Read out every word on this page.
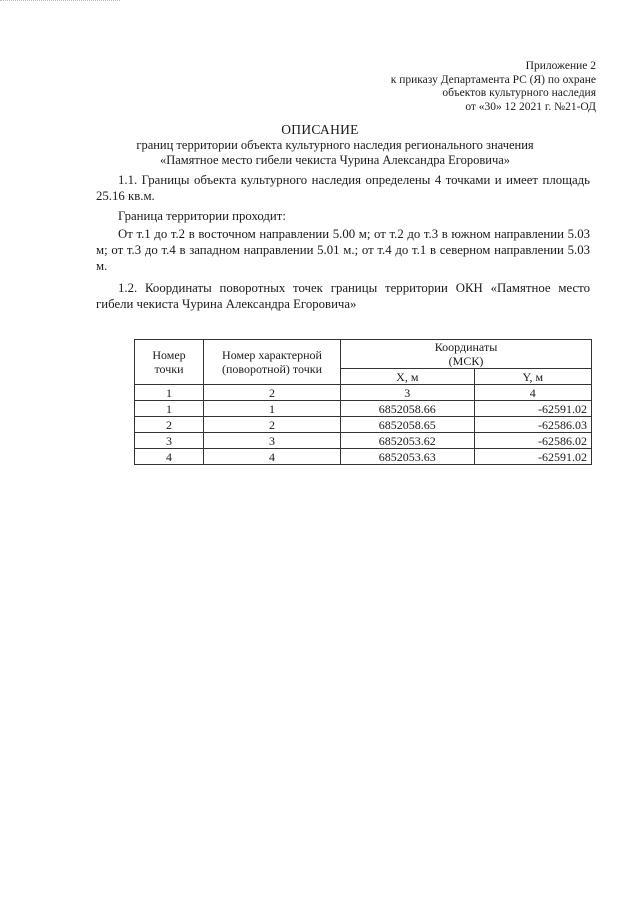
Приложение 2
к приказу Департамента РС (Я) по охране
объектов культурного наследия
от «30» 12 2021 г. №21-ОД
ОПИСАНИЕ
границ территории объекта культурного наследия регионального значения
«Памятное место гибели чекиста Чурина Александра Егоровича»
1.1. Границы объекта культурного наследия определены 4 точками и имеет площадь 25.16 кв.м.
Граница территории проходит:
От т.1 до т.2 в восточном направлении 5.00 м; от т.2 до т.3 в южном направлении 5.03 м; от т.3 до т.4 в западном направлении 5.01 м.; от т.4 до т.1 в северном направлении 5.03 м.
1.2. Координаты поворотных точек границы территории ОКН «Памятное место гибели чекиста Чурина Александра Егоровича»
Номер точки	Номер характерной (поворотной) точки	Координаты
(МСК)	

		X, м	Y, м
1	2	3	4
1	1	6852058.66	-62591.02
2	2	6852058.65	-62586.03
3	3	6852053.62	-62586.02
4	4	6852053.63	-62591.02
